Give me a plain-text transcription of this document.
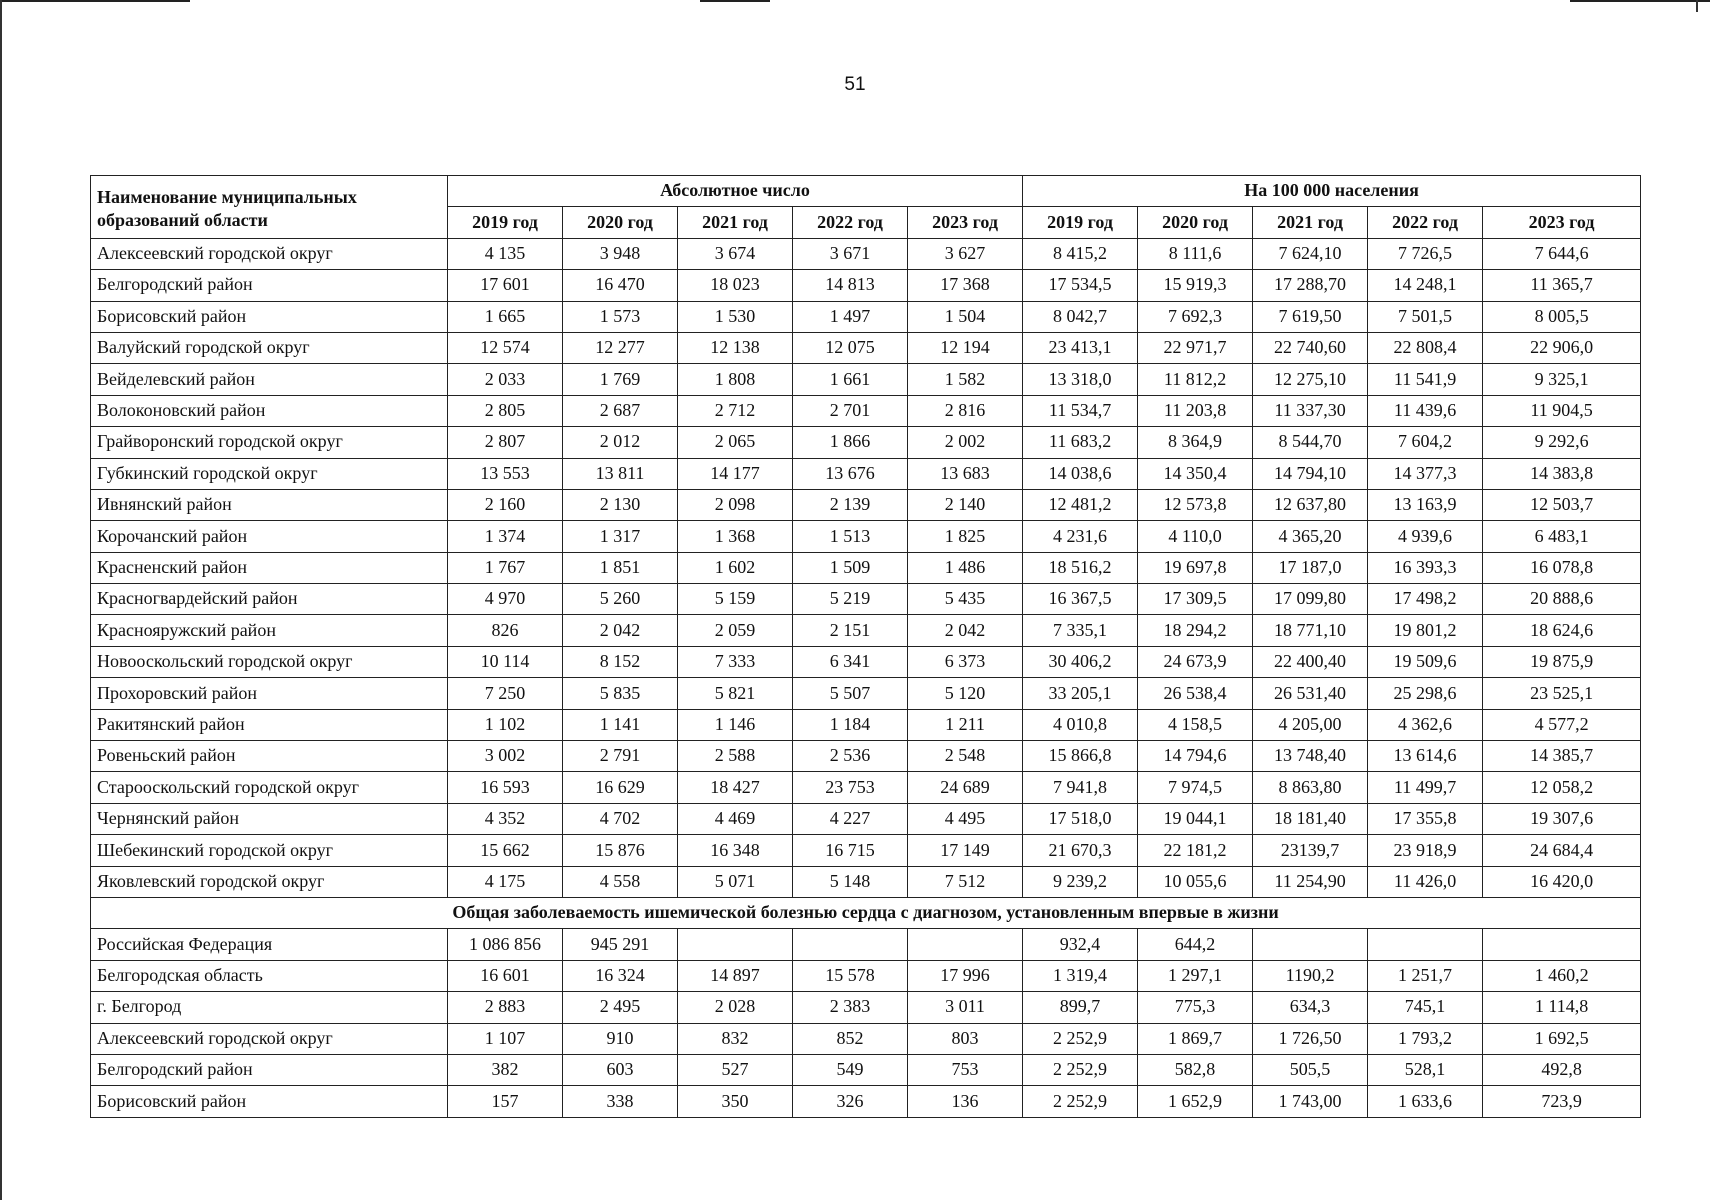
51
Наименование муниципальных
образований области	Абсолютное число					На 100 000 населения				
	2019 год	2020 год	2021 год	2022 год	2023 год	2019 год	2020 год	2021 год	2022 год	2023 год
Алексеевский городской округ	4 135	3 948	3 674	3 671	3 627	8 415,2	8 111,6	7 624,10	7 726,5	7 644,6
Белгородский район	17 601	16 470	18 023	14 813	17 368	17 534,5	15 919,3	17 288,70	14 248,1	11 365,7
Борисовский район	1 665	1 573	1 530	1 497	1 504	8 042,7	7 692,3	7 619,50	7 501,5	8 005,5
Валуйский городской округ	12 574	12 277	12 138	12 075	12 194	23 413,1	22 971,7	22 740,60	22 808,4	22 906,0
Вейделевский район	2 033	1 769	1 808	1 661	1 582	13 318,0	11 812,2	12 275,10	11 541,9	9 325,1
Волоконовский район	2 805	2 687	2 712	2 701	2 816	11 534,7	11 203,8	11 337,30	11 439,6	11 904,5
Грайворонский городской округ	2 807	2 012	2 065	1 866	2 002	11 683,2	8 364,9	8 544,70	7 604,2	9 292,6
Губкинский городской округ	13 553	13 811	14 177	13 676	13 683	14 038,6	14 350,4	14 794,10	14 377,3	14 383,8
Ивнянский район	2 160	2 130	2 098	2 139	2 140	12 481,2	12 573,8	12 637,80	13 163,9	12 503,7
Корочанский район	1 374	1 317	1 368	1 513	1 825	4 231,6	4 110,0	4 365,20	4 939,6	6 483,1
Красненский район	1 767	1 851	1 602	1 509	1 486	18 516,2	19 697,8	17 187,0	16 393,3	16 078,8
Красногвардейский район	4 970	5 260	5 159	5 219	5 435	16 367,5	17 309,5	17 099,80	17 498,2	20 888,6
Краснояружский район	826	2 042	2 059	2 151	2 042	7 335,1	18 294,2	18 771,10	19 801,2	18 624,6
Новооскольский городской округ	10 114	8 152	7 333	6 341	6 373	30 406,2	24 673,9	22 400,40	19 509,6	19 875,9
Прохоровский район	7 250	5 835	5 821	5 507	5 120	33 205,1	26 538,4	26 531,40	25 298,6	23 525,1
Ракитянский район	1 102	1 141	1 146	1 184	1 211	4 010,8	4 158,5	4 205,00	4 362,6	4 577,2
Ровеньский район	3 002	2 791	2 588	2 536	2 548	15 866,8	14 794,6	13 748,40	13 614,6	14 385,7
Старооскольский городской округ	16 593	16 629	18 427	23 753	24 689	7 941,8	7 974,5	8 863,80	11 499,7	12 058,2
Чернянский район	4 352	4 702	4 469	4 227	4 495	17 518,0	19 044,1	18 181,40	17 355,8	19 307,6
Шебекинский городской округ	15 662	15 876	16 348	16 715	17 149	21 670,3	22 181,2	23139,7	23 918,9	24 684,4
Яковлевский городской округ	4 175	4 558	5 071	5 148	7 512	9 239,2	10 055,6	11 254,90	11 426,0	16 420,0
Общая заболеваемость ишемической болезнью сердца с диагнозом, установленным впервые в жизни										
Российская Федерация	1 086 856	945 291				932,4	644,2			
Белгородская область	16 601	16 324	14 897	15 578	17 996	1 319,4	1 297,1	1190,2	1 251,7	1 460,2
г. Белгород	2 883	2 495	2 028	2 383	3 011	899,7	775,3	634,3	745,1	1 114,8
Алексеевский городской округ	1 107	910	832	852	803	2 252,9	1 869,7	1 726,50	1 793,2	1 692,5
Белгородский район	382	603	527	549	753	2 252,9	582,8	505,5	528,1	492,8
Борисовский район	157	338	350	326	136	2 252,9	1 652,9	1 743,00	1 633,6	723,9
